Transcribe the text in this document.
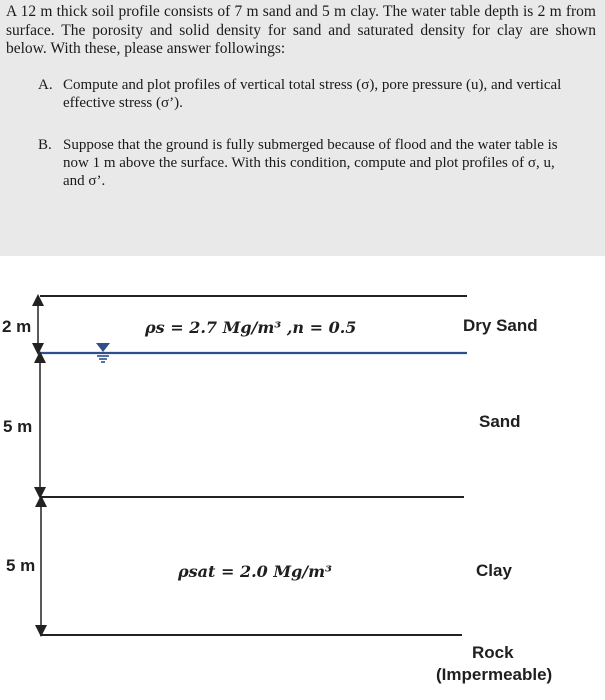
A 12 m thick soil profile consists of 7 m sand and 5 m clay. The water table depth is 2 m from surface. The porosity and solid density for sand and saturated density for clay are shown below. With these, please answer followings:
A. Compute and plot profiles of vertical total stress (σ), pore pressure (u), and vertical effective stress (σ’).
B. Suppose that the ground is fully submerged because of flood and the water table is now 1 m above the surface. With this condition, compute and plot profiles of σ, u, and σ’.
2 m
5 m
5 m
ρs = 2.7 Mg/m³ ,n = 0.5
ρsat = 2.0 Mg/m³
Dry Sand
Sand
Clay
Rock
(Impermeable)
